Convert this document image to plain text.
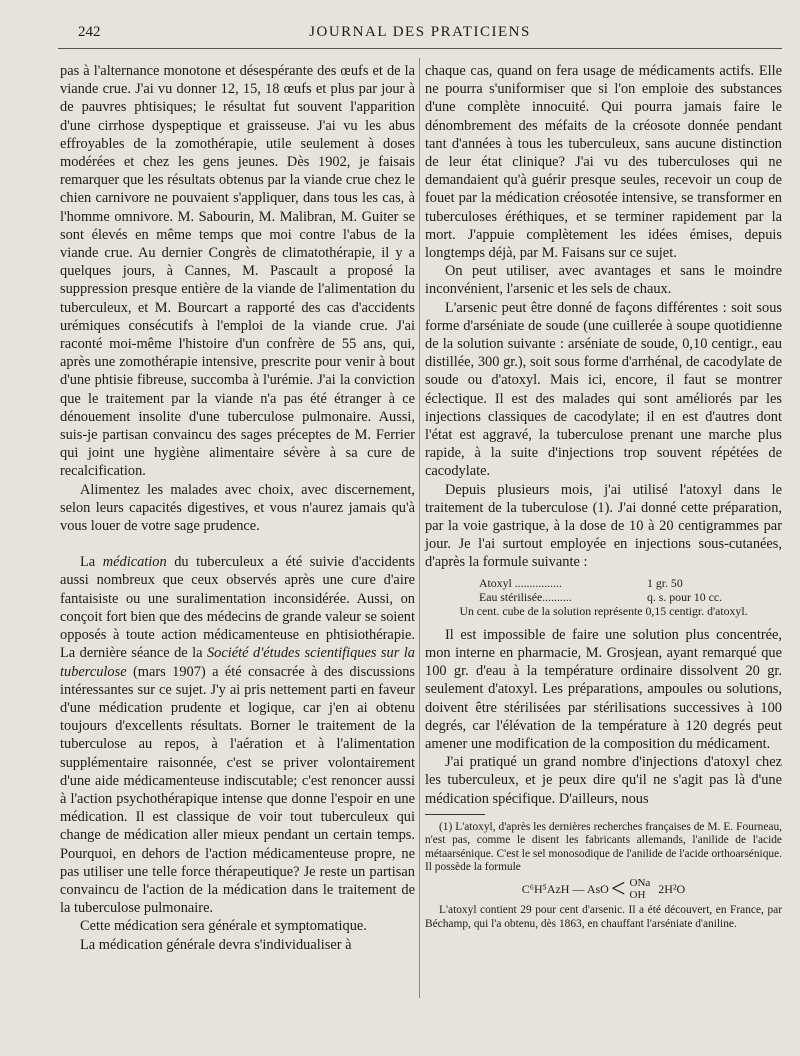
242	JOURNAL DES PRATICIENS

pas à l'alternance monotone et désespérante des œufs et de la viande crue. J'ai vu donner 12, 15, 18 œufs et plus par jour à de pauvres phtisiques; le résultat fut souvent l'apparition d'une cirrhose dyspeptique et graisseuse. J'ai vu les abus effroyables de la zomothérapie, utile seulement à doses modérées et chez les gens jeunes. Dès 1902, je faisais remarquer que les résultats obtenus par la viande crue chez le chien carnivore ne pouvaient s'appliquer, dans tous les cas, à l'homme omnivore. M. Sabourin, M. Malibran, M. Guiter se sont élevés en même temps que moi contre l'abus de la viande crue. Au dernier Congrès de climatothérapie, il y a quelques jours, à Cannes, M. Pascault a proposé la suppression presque entière de la viande de l'alimentation du tuberculeux, et M. Bourcart a rapporté des cas d'accidents urémiques consécutifs à l'emploi de la viande crue. J'ai raconté moi-même l'histoire d'un confrère de 55 ans, qui, après une zomothérapie intensive, prescrite pour venir à bout d'une phtisie fibreuse, succomba à l'urémie. J'ai la conviction que le traitement par la viande n'a pas été étranger à ce dénouement insolite d'une tuberculose pulmonaire. Aussi, suis-je partisan convaincu des sages préceptes de M. Ferrier qui joint une hygiène alimentaire sévère à sa cure de recalcification.

Alimentez les malades avec choix, avec discernement, selon leurs capacités digestives, et vous n'aurez jamais qu'à vous louer de votre sage prudence.

La médication du tuberculeux a été suivie d'accidents aussi nombreux que ceux observés après une cure d'aire fantaisiste ou une suralimentation inconsidérée. Aussi, on conçoit fort bien que des médecins de grande valeur se soient opposés à toute action médicamenteuse en phtisiothérapie. La dernière séance de la Société d'études scientifiques sur la tuberculose (mars 1907) a été consacrée à des discussions intéressantes sur ce sujet. J'y ai pris nettement parti en faveur d'une médication prudente et logique, car j'en ai obtenu toujours d'excellents résultats. Borner le traitement de la tuberculose au repos, à l'aération et à l'alimentation supplémentaire raisonnée, c'est se priver volontairement d'une aide médicamenteuse indiscutable; c'est renoncer aussi à l'action psychothérapique intense que donne l'espoir en une médication. Il est classique de voir tout tuberculeux qui change de médication aller mieux pendant un certain temps. Pourquoi, en dehors de l'action médicamenteuse propre, ne pas utiliser une telle force thérapeutique? Je reste un partisan convaincu de l'action de la médication dans le traitement de la tuberculose pulmonaire.

Cette médication sera générale et symptomatique.

La médication générale devra s'individualiser à

chaque cas, quand on fera usage de médicaments actifs. Elle ne pourra s'uniformiser que si l'on emploie des substances d'une complète innocuité. Qui pourra jamais faire le dénombrement des méfaits de la créosote donnée pendant tant d'années à tous les tuberculeux, sans aucune distinction de leur état clinique? J'ai vu des tuberculoses qui ne demandaient qu'à guérir presque seules, recevoir un coup de fouet par la médication créosotée intensive, se transformer en tuberculoses éréthiques, et se terminer rapidement par la mort. J'appuie complètement les idées émises, depuis longtemps déjà, par M. Faisans sur ce sujet.

On peut utiliser, avec avantages et sans le moindre inconvénient, l'arsenic et les sels de chaux.

L'arsenic peut être donné de façons différentes : soit sous forme d'arséniate de soude (une cuillerée à soupe quotidienne de la solution suivante : arséniate de soude, 0,10 centigr., eau distillée, 300 gr.), soit sous forme d'arrhénal, de cacodylate de soude ou d'atoxyl. Mais ici, encore, il faut se montrer éclectique. Il est des malades qui sont améliorés par les injections classiques de cacodylate; il en est d'autres dont l'état est aggravé, la tuberculose prenant une marche plus rapide, à la suite d'injections trop souvent répétées de cacodylate.

Depuis plusieurs mois, j'ai utilisé l'atoxyl dans le traitement de la tuberculose (1). J'ai donné cette préparation, par la voie gastrique, à la dose de 10 à 20 centigrammes par jour. Je l'ai surtout employée en injections sous-cutanées, d'après la formule suivante :

Atoxyl ................	1 gr. 50
Eau stérilisée..........	q. s. pour 10 cc.
Un cent. cube de la solution représente 0,15 centigr. d'atoxyl.

Il est impossible de faire une solution plus concentrée, mon interne en pharmacie, M. Grosjean, ayant remarqué que 100 gr. d'eau à la température ordinaire dissolvent 20 gr. seulement d'atoxyl. Les préparations, ampoules ou solutions, doivent être stérilisées par stérilisations successives à 100 degrés, car l'élévation de la température à 120 degrés peut amener une modification de la composition du médicament.

J'ai pratiqué un grand nombre d'injections d'atoxyl chez les tuberculeux, et je peux dire qu'il ne s'agit pas là d'une médication spécifique. D'ailleurs, nous

(1) L'atoxyl, d'après les dernières recherches françaises de M. E. Fourneau, n'est pas, comme le disent les fabricants allemands, l'anilide de l'acide métaarsénique. C'est le sel monosodique de l'anilide de l'acide orthoarsénique. Il possède la formule

C⁶H⁵AzH — AsO < ONa
OH	2H²O

L'atoxyl contient 29 pour cent d'arsenic. Il a été découvert, en France, par Béchamp, qui l'a obtenu, dès 1863, en chauffant l'arséniate d'aniline.
